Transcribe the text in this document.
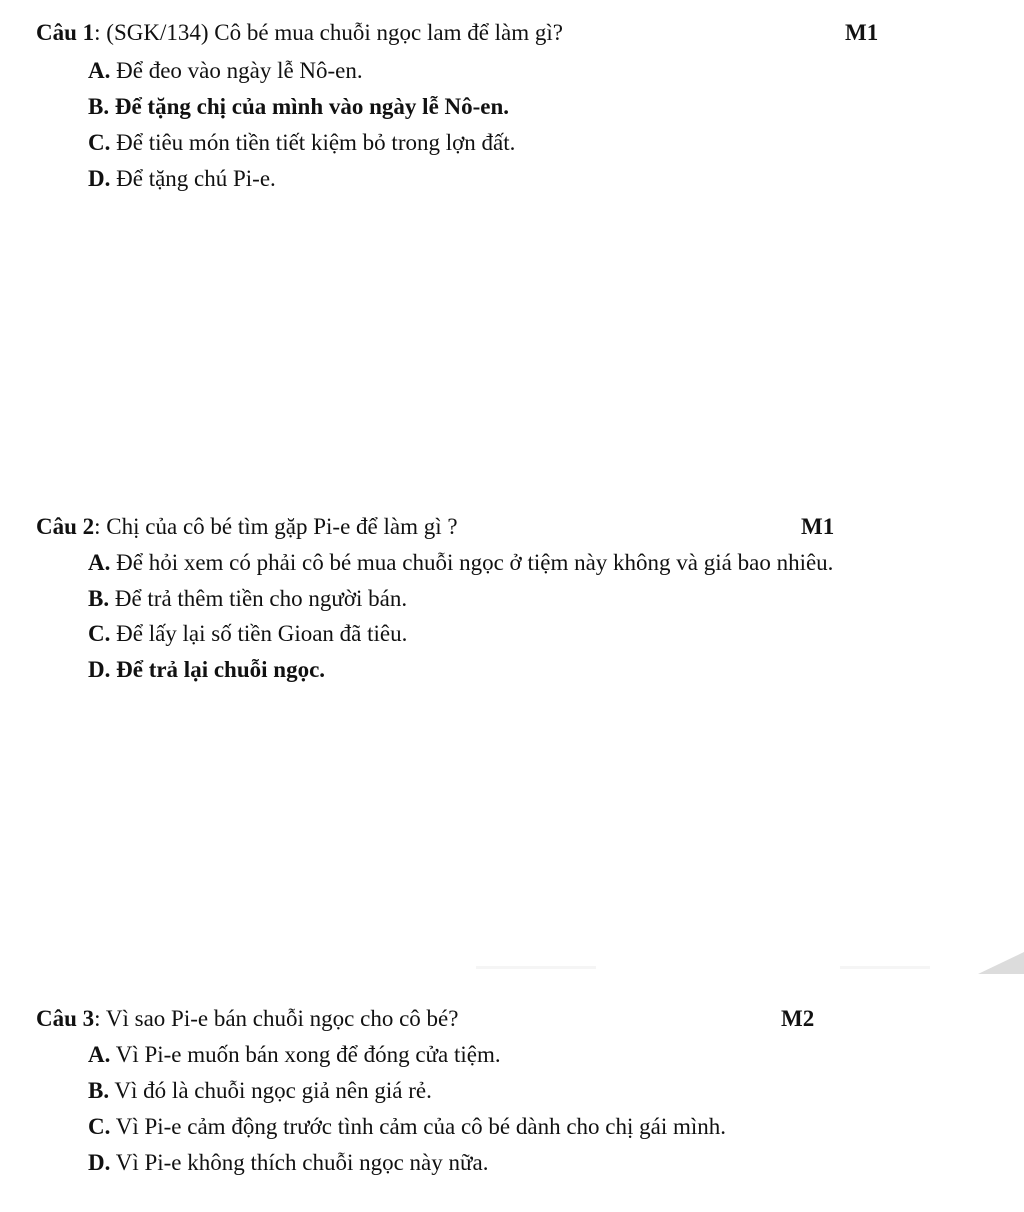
Câu 1: (SGK/134) Cô bé mua chuỗi ngọc lam để làm gì?	M1
A. Để đeo vào ngày lễ Nô-en.
B. Để tặng chị của mình vào ngày lễ Nô-en.
C. Để tiêu món tiền tiết kiệm bỏ trong lợn đất.
D. Để tặng chú Pi-e.
Câu 2: Chị của cô bé tìm gặp Pi-e để làm gì ?	M1
A. Để hỏi xem có phải cô bé mua chuỗi ngọc ở tiệm này không và giá bao nhiêu.
B. Để trả thêm tiền cho người bán.
C. Để lấy lại số tiền Gioan đã tiêu.
D. Để trả lại chuỗi ngọc.
Câu 3: Vì sao Pi-e bán chuỗi ngọc cho cô bé?	M2
A. Vì Pi-e muốn bán xong để đóng cửa tiệm.
B. Vì đó là chuỗi ngọc giả nên giá rẻ.
C. Vì Pi-e cảm động trước tình cảm của cô bé dành cho chị gái mình.
D. Vì Pi-e không thích chuỗi ngọc này nữa.
